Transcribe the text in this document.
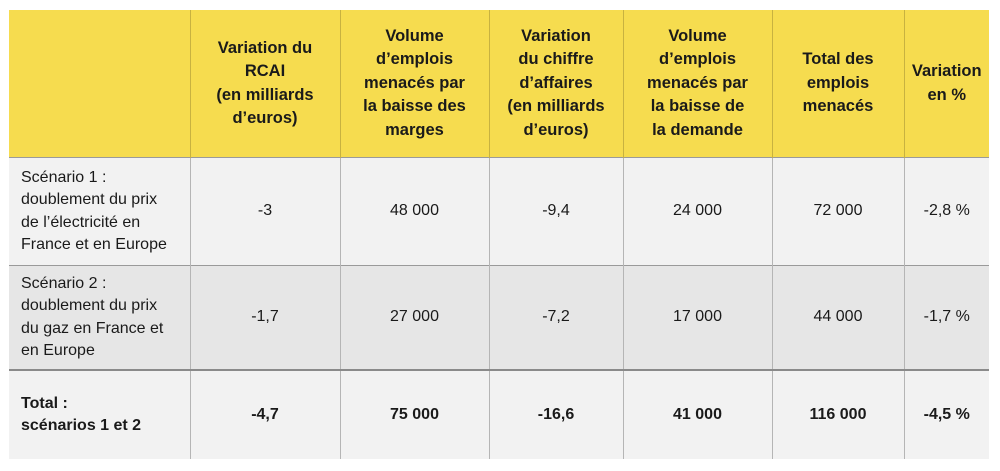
	Variation du
RCAI
(en milliards
d’euros)	Volume
d’emplois
menacés par
la baisse des
marges	Variation
du chiffre
d’affaires
(en milliards
d’euros)	Volume
d’emplois
menacés par
la baisse de
la demande	Total des
emplois
menacés	Variation
en %
Scénario 1 :
doublement du prix
de l’électricité en
France et en Europe	-3	48 000	-9,4	24 000	72 000	-2,8 %
Scénario 2 :
doublement du prix
du gaz en France et
en Europe	-1,7	27 000	-7,2	17 000	44 000	-1,7 %
Total :
scénarios 1 et 2	-4,7	75 000	-16,6	41 000	116 000	-4,5 %
